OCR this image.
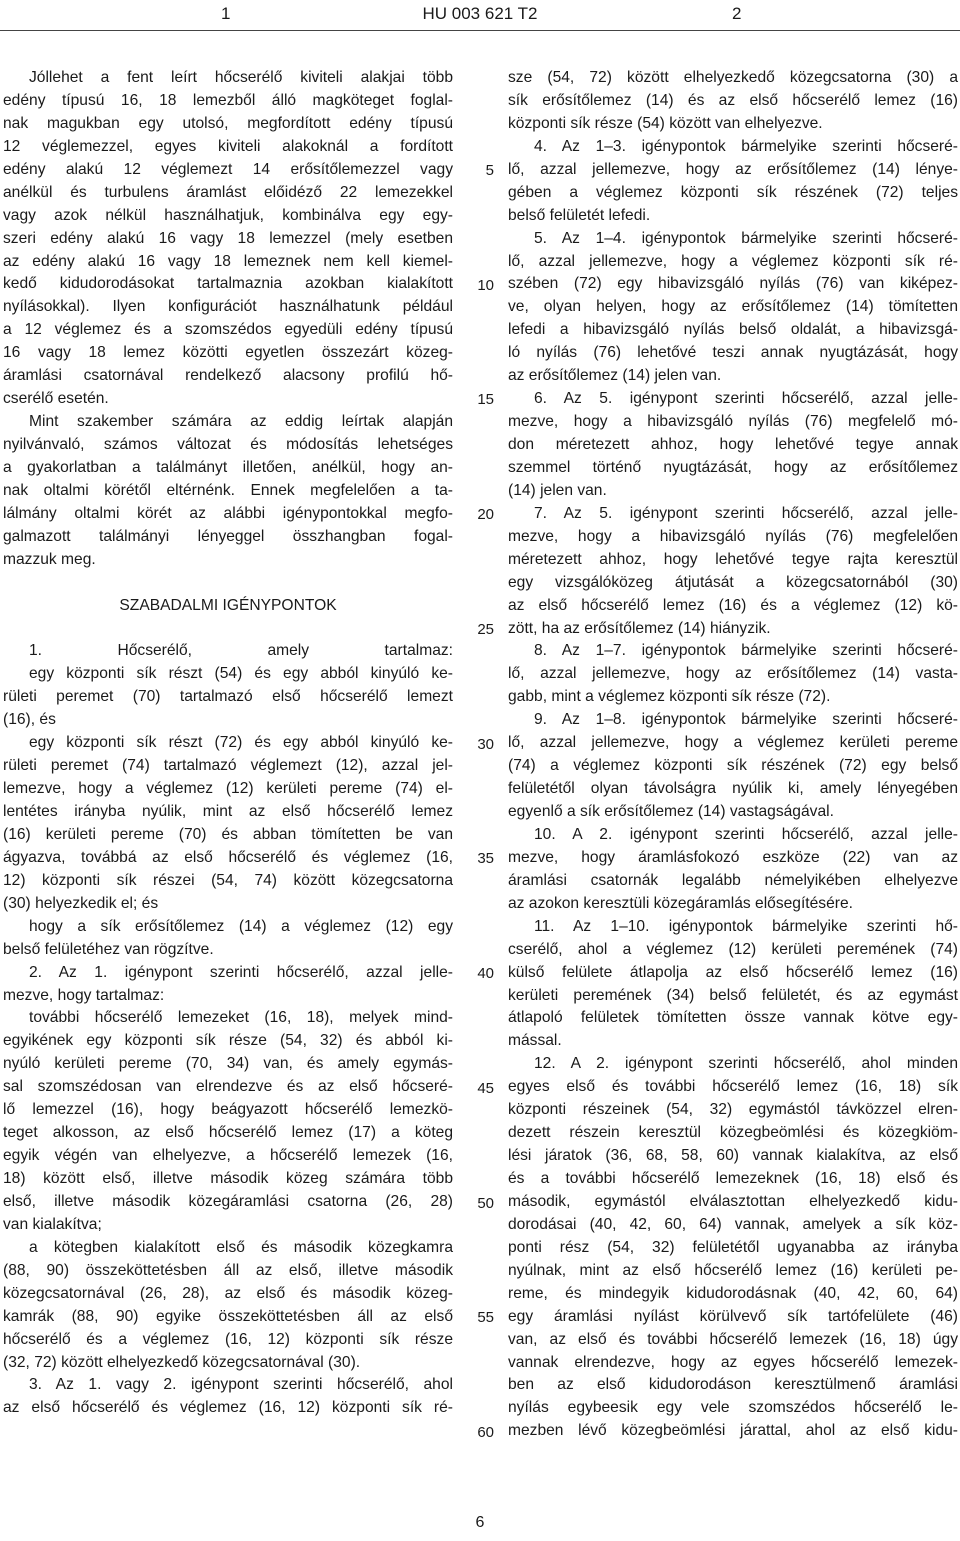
1	HU 003 621 T2	2
Jóllehet a fent leírt hőcserélő kiviteli alakjai több
edény típusú 16, 18 lemezből álló magköteget foglal-
nak magukban egy utolsó, megfordított edény típusú
12 véglemezzel, egyes kiviteli alakoknál a fordított
edény alakú 12 véglemezt 14 erősítőlemezzel vagy
anélkül és turbulens áramlást előidéző 22 lemezekkel
vagy azok nélkül használhatjuk, kombinálva egy egy-
szeri edény alakú 16 vagy 18 lemezzel (mely esetben
az edény alakú 16 vagy 18 lemeznek nem kell kiemel-
kedő kidudorodásokat tartalmaznia azokban kialakított
nyílásokkal). Ilyen konfigurációt használhatunk például
a 12 véglemez és a szomszédos egyedüli edény típusú
16 vagy 18 lemez közötti egyetlen összezárt közeg-
áramlási csatornával rendelkező alacsony profilú hő-
cserélő esetén.
Mint szakember számára az eddig leírtak alapján
nyilvánvaló, számos változat és módosítás lehetséges
a gyakorlatban a találmányt illetően, anélkül, hogy an-
nak oltalmi körétől eltérnénk. Ennek megfelelően a ta-
lálmány oltalmi körét az alábbi igénypontokkal megfo-
galmazott találmányi lényeggel összhangban fogal-
mazzuk meg.
SZABADALMI IGÉNYPONTOK
1. Hőcserélő, amely tartalmaz:
egy központi sík részt (54) és egy abból kinyúló ke-
rületi peremet (70) tartalmazó első hőcserélő lemezt
(16), és
egy központi sík részt (72) és egy abból kinyúló ke-
rületi peremet (74) tartalmazó véglemezt (12), azzal jel-
lemezve, hogy a véglemez (12) kerületi pereme (74) el-
lentétes irányba nyúlik, mint az első hőcserélő lemez
(16) kerületi pereme (70) és abban tömítetten be van
ágyazva, továbbá az első hőcserélő és véglemez (16,
12) központi sík részei (54, 74) között közegcsatorna
(30) helyezkedik el; és
hogy a sík erősítőlemez (14) a véglemez (12) egy
belső felületéhez van rögzítve.
2. Az 1. igénypont szerinti hőcserélő, azzal jelle-
mezve, hogy tartalmaz:
további hőcserélő lemezeket (16, 18), melyek mind-
egyikének egy központi sík része (54, 32) és abból ki-
nyúló kerületi pereme (70, 34) van, és amely egymás-
sal szomszédosan van elrendezve és az első hőcseré-
lő lemezzel (16), hogy beágyazott hőcserélő lemezkö-
teget alkosson, az első hőcserélő lemez (17) a köteg
egyik végén van elhelyezve, a hőcserélő lemezek (16,
18) között első, illetve második közeg számára több
első, illetve második közegáramlási csatorna (26, 28)
van kialakítva;
a kötegben kialakított első és második közegkamra
(88, 90) összeköttetésben áll az első, illetve második
közegcsatornával (26, 28), az első és második közeg-
kamrák (88, 90) egyike összeköttetésben áll az első
hőcserélő és a véglemez (16, 12) központi sík része
(32, 72) között elhelyezkedő közegcsatornával (30).
3. Az 1. vagy 2. igénypont szerinti hőcserélő, ahol
az első hőcserélő és véglemez (16, 12) központi sík ré-
5
10
15
20
25
30
35
40
45
50
55
60
sze (54, 72) között elhelyezkedő közegcsatorna (30) a
sík erősítőlemez (14) és az első hőcserélő lemez (16)
központi sík része (54) között van elhelyezve.
4. Az 1–3. igénypontok bármelyike szerinti hőcseré-
lő, azzal jellemezve, hogy az erősítőlemez (14) lénye-
gében a véglemez központi sík részének (72) teljes
belső felületét lefedi.
5. Az 1–4. igénypontok bármelyike szerinti hőcseré-
lő, azzal jellemezve, hogy a véglemez központi sík ré-
szében (72) egy hibavizsgáló nyílás (76) van kiképez-
ve, olyan helyen, hogy az erősítőlemez (14) tömítetten
lefedi a hibavizsgáló nyílás belső oldalát, a hibavizsgá-
ló nyílás (76) lehetővé teszi annak nyugtázását, hogy
az erősítőlemez (14) jelen van.
6. Az 5. igénypont szerinti hőcserélő, azzal jelle-
mezve, hogy a hibavizsgáló nyílás (76) megfelelő mó-
don méretezett ahhoz, hogy lehetővé tegye annak
szemmel történő nyugtázását, hogy az erősítőlemez
(14) jelen van.
7. Az 5. igénypont szerinti hőcserélő, azzal jelle-
mezve, hogy a hibavizsgáló nyílás (76) megfelelően
méretezett ahhoz, hogy lehetővé tegye rajta keresztül
egy vizsgálóközeg átjutását a közegcsatornából (30)
az első hőcserélő lemez (16) és a véglemez (12) kö-
zött, ha az erősítőlemez (14) hiányzik.
8. Az 1–7. igénypontok bármelyike szerinti hőcseré-
lő, azzal jellemezve, hogy az erősítőlemez (14) vasta-
gabb, mint a véglemez központi sík része (72).
9. Az 1–8. igénypontok bármelyike szerinti hőcseré-
lő, azzal jellemezve, hogy a véglemez kerületi pereme
(74) a véglemez központi sík részének (72) egy belső
felületétől olyan távolságra nyúlik ki, amely lényegében
egyenlő a sík erősítőlemez (14) vastagságával.
10. A 2. igénypont szerinti hőcserélő, azzal jelle-
mezve, hogy áramlásfokozó eszköze (22) van az
áramlási csatornák legalább némelyikében elhelyezve
az azokon keresztüli közegáramlás elősegítésére.
11. Az 1–10. igénypontok bármelyike szerinti hő-
cserélő, ahol a véglemez (12) kerületi peremének (74)
külső felülete átlapolja az első hőcserélő lemez (16)
kerületi peremének (34) belső felületét, és az egymást
átlapoló felületek tömítetten össze vannak kötve egy-
mással.
12. A 2. igénypont szerinti hőcserélő, ahol minden
egyes első és további hőcserélő lemez (16, 18) sík
központi részeinek (54, 32) egymástól távközzel elren-
dezett részein keresztül közegbeömlési és közegkiöm-
lési járatok (36, 68, 58, 60) vannak kialakítva, az első
és a további hőcserélő lemezeknek (16, 18) első és
második, egymástól elválasztottan elhelyezkedő kidu-
dorodásai (40, 42, 60, 64) vannak, amelyek a sík köz-
ponti rész (54, 32) felületétől ugyanabba az irányba
nyúlnak, mint az első hőcserélő lemez (16) kerületi pe-
reme, és mindegyik kidudorodásnak (40, 42, 60, 64)
egy áramlási nyílást körülvevő sík tartófelülete (46)
van, az első és további hőcserélő lemezek (16, 18) úgy
vannak elrendezve, hogy az egyes hőcserélő lemezek-
ben az első kidudorodáson keresztülmenő áramlási
nyílás egybeesik egy vele szomszédos hőcserélő le-
mezben lévő közegbeömlési járattal, ahol az első kidu-
6
